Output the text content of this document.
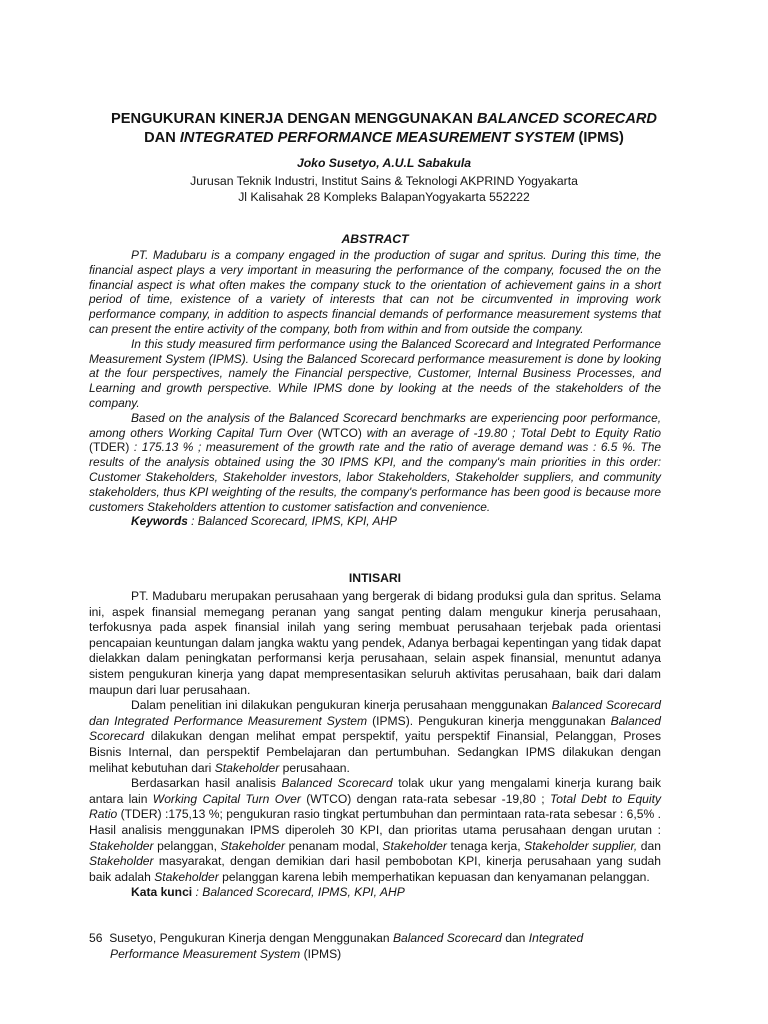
PENGUKURAN KINERJA DENGAN MENGGUNAKAN BALANCED SCORECARD
DAN INTEGRATED PERFORMANCE MEASUREMENT SYSTEM (IPMS)

Joko Susetyo, A.U.L Sabakula

Jurusan Teknik Industri, Institut Sains & Teknologi AKPRIND Yogyakarta
Jl Kalisahak 28 Kompleks BalapanYogyakarta 552222

ABSTRACT

PT. Madubaru is a company engaged in the production of sugar and spritus. During this time, the financial aspect plays a very important in measuring the performance of the company, focused the on the financial aspect is what often makes the company stuck to the orientation of achievement gains in a short period of time, existence of a variety of interests that can not be circumvented in improving work performance company, in addition to aspects financial demands of performance measurement systems that can present the entire activity of the company, both from within and from outside the company.

In this study measured firm performance using the Balanced Scorecard and Integrated Performance Measurement System (IPMS). Using the Balanced Scorecard performance measurement is done by looking at the four perspectives, namely the Financial perspective, Customer, Internal Business Processes, and Learning and growth perspective. While IPMS done by looking at the needs of the stakeholders of the company.

Based on the analysis of the Balanced Scorecard benchmarks are experiencing poor performance, among others Working Capital Turn Over (WTCO) with an average of -19.80 ; Total Debt to Equity Ratio (TDER) : 175.13 % ; measurement of the growth rate and the ratio of average demand was : 6.5 %. The results of the analysis obtained using the 30 IPMS KPI, and the company's main priorities in this order: Customer Stakeholders, Stakeholder investors, labor Stakeholders, Stakeholder suppliers, and community stakeholders, thus KPI weighting of the results, the company's performance has been good is because more customers Stakeholders attention to customer satisfaction and convenience.

Keywords : Balanced Scorecard, IPMS, KPI, AHP

INTISARI

PT. Madubaru merupakan perusahaan yang bergerak di bidang produksi gula dan spritus. Selama ini, aspek finansial memegang peranan yang sangat penting dalam mengukur kinerja perusahaan, terfokusnya pada aspek finansial inilah yang sering membuat perusahaan terjebak pada orientasi pencapaian keuntungan dalam jangka waktu yang pendek, Adanya berbagai kepentingan yang tidak dapat dielakkan dalam peningkatan performansi kerja perusahaan, selain aspek finansial, menuntut adanya sistem pengukuran kinerja yang dapat mempresentasikan seluruh aktivitas perusahaan, baik dari dalam maupun dari luar perusahaan.

Dalam penelitian ini dilakukan pengukuran kinerja perusahaan menggunakan Balanced Scorecard dan Integrated Performance Measurement System (IPMS). Pengukuran kinerja menggunakan Balanced Scorecard dilakukan dengan melihat empat perspektif, yaitu perspektif Finansial, Pelanggan, Proses Bisnis Internal, dan perspektif Pembelajaran dan pertumbuhan. Sedangkan IPMS dilakukan dengan melihat kebutuhan dari Stakeholder perusahaan.

Berdasarkan hasil analisis Balanced Scorecard tolak ukur yang mengalami kinerja kurang baik antara lain Working Capital Turn Over (WTCO) dengan rata-rata sebesar -19,80 ; Total Debt to Equity Ratio (TDER) :175,13 %; pengukuran rasio tingkat pertumbuhan dan permintaan rata-rata sebesar : 6,5% . Hasil analisis menggunakan IPMS diperoleh 30 KPI, dan prioritas utama perusahaan dengan urutan : Stakeholder pelanggan, Stakeholder penanam modal, Stakeholder tenaga kerja, Stakeholder supplier, dan Stakeholder masyarakat, dengan demikian dari hasil pembobotan KPI, kinerja perusahaan yang sudah baik adalah Stakeholder pelanggan karena lebih memperhatikan kepuasan dan kenyamanan pelanggan.

Kata kunci : Balanced Scorecard, IPMS, KPI, AHP

56 Susetyo, Pengukuran Kinerja dengan Menggunakan Balanced Scorecard dan Integrated
Performance Measurement System (IPMS)
